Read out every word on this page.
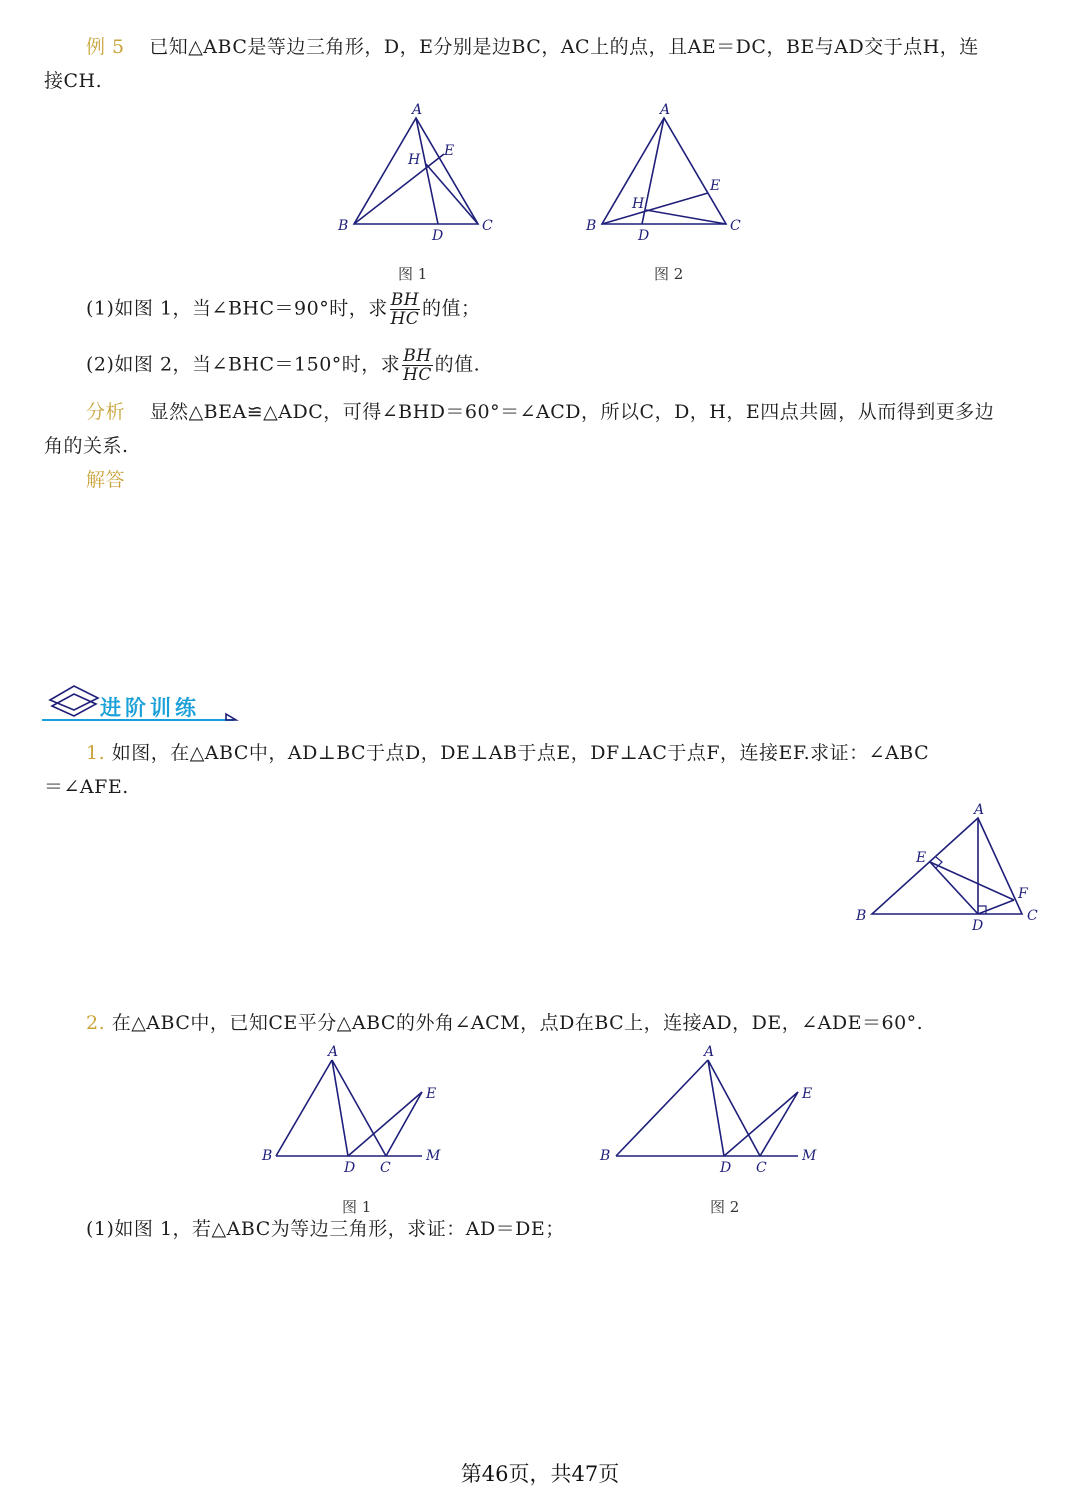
例 5 已知△ABC是等边三角形，D，E分别是边BC，AC上的点，且AE＝DC，BE与AD交于点H，连
接CH.
A
B	C
D
E
H
图 1
A
B	C
D
E
H
图 2
(1)如图 1，当∠BHC＝90°时，求 $\frac{BH}{HC}$ 的值；
(2)如图 2，当∠BHC＝150°时，求 $\frac{BH}{HC}$ 的值.
分析 显然△BEA≌△ADC，可得∠BHD＝60°＝∠ACD，所以C，D，H，E四点共圆，从而得到更多边
角的关系.
解答
进阶训练
1. 如图，在△ABC中，AD⊥BC于点D，DE⊥AB于点E，DF⊥AC于点F，连接EF.求证：∠ABC
＝∠AFE.
A
B	C
D
E
F
2. 在△ABC中，已知CE平分△ABC的外角∠ACM，点D在BC上，连接AD，DE，∠ADE＝60°.
A
B
C
D
E
M
图 1
A
B
C
D
E
M
图 2
(1)如图 1，若△ABC为等边三角形，求证：AD＝DE；
第46页，共47页
